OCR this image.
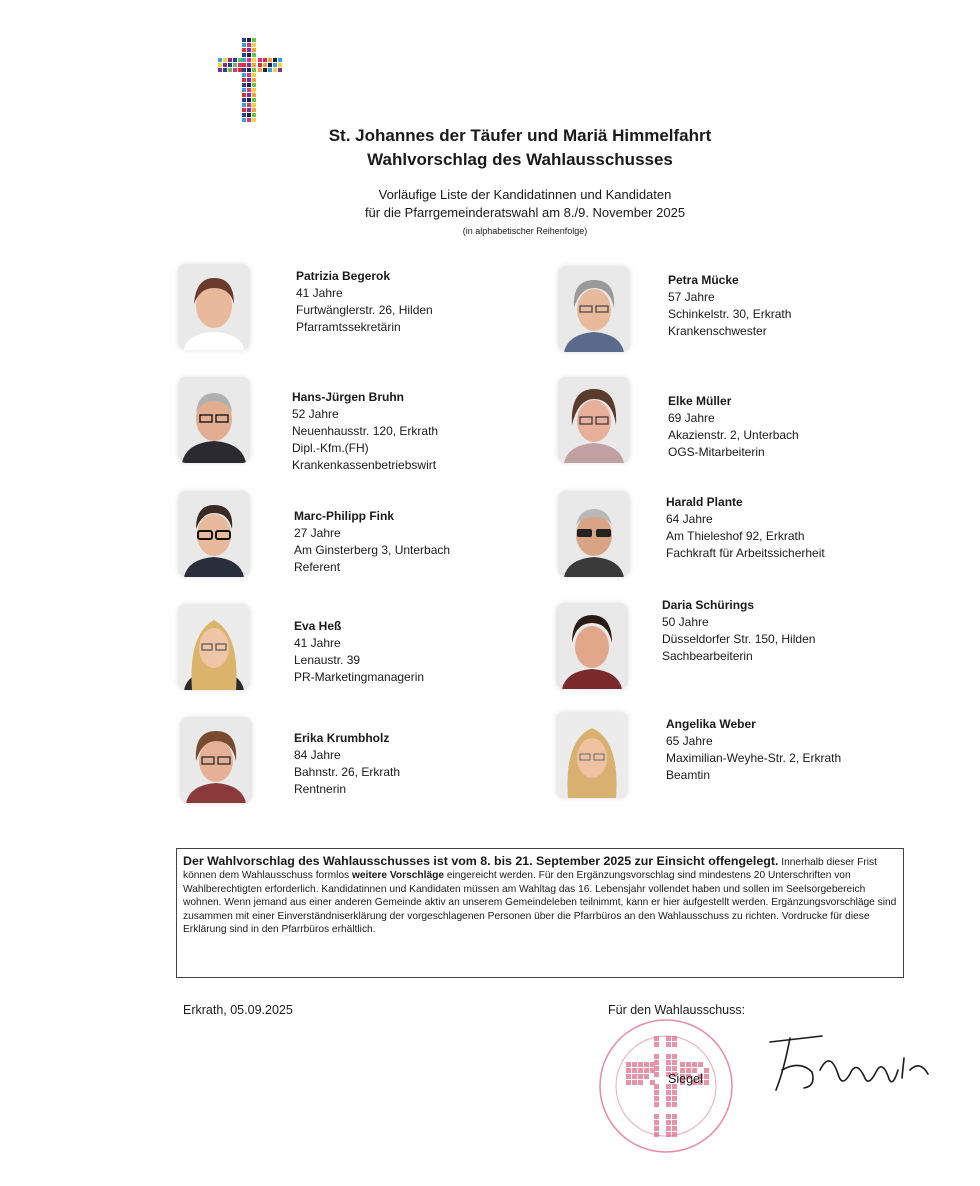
St. Johannes der Täufer und Mariä Himmelfahrt
Wahlvorschlag des Wahlausschusses
Vorläufige Liste der Kandidatinnen und Kandidaten
für die Pfarrgemeinderatswahl am 8./9. November 2025
(in alphabetischer Reihenfolge)
Patrizia Begerok
41 Jahre
Furtwänglerstr. 26, Hilden
Pfarramtssekretärin
Hans-Jürgen Bruhn
52 Jahre
Neuenhausstr. 120, Erkrath
Dipl.-Kfm.(FH)
Krankenkassenbetriebswirt
Marc-Philipp Fink
27 Jahre
Am Ginsterberg 3, Unterbach
Referent
Eva Heß
41 Jahre
Lenaustr. 39
PR-Marketingmanagerin
Erika Krumbholz
84 Jahre
Bahnstr. 26, Erkrath
Rentnerin
Petra Mücke
57 Jahre
Schinkelstr. 30, Erkrath
Krankenschwester
Elke Müller
69 Jahre
Akazienstr. 2, Unterbach
OGS-Mitarbeiterin
Harald Plante
64 Jahre
Am Thieleshof 92, Erkrath
Fachkraft für Arbeitssicherheit
Daria Schürings
50 Jahre
Düsseldorfer Str. 150, Hilden
Sachbearbeiterin
Angelika Weber
65 Jahre
Maximilian-Weyhe-Str. 2, Erkrath
Beamtin
Der Wahlvorschlag des Wahlausschusses ist vom 8. bis 21. September 2025 zur Einsicht offengelegt. Innerhalb dieser Frist können dem Wahlausschuss formlos weitere Vorschläge eingereicht werden. Für den Ergänzungsvorschlag sind mindestens 20 Unterschriften von Wahlberechtigten erforderlich. Kandidatinnen und Kandidaten müssen am Wahltag das 16. Lebensjahr vollendet haben und sollen im Seelsorgebereich wohnen. Wenn jemand aus einer anderen Gemeinde aktiv an unserem Gemeindeleben teilnimmt, kann er hier aufgestellt werden. Ergänzungsvorschläge sind zusammen mit einer Einverständniserklärung der vorgeschlagenen Personen über die Pfarrbüros an den Wahlausschuss zu richten. Vordrucke für diese Erklärung sind in den Pfarrbüros erhältlich.
Erkrath, 05.09.2025	Für den Wahlausschuss:
Siegel
